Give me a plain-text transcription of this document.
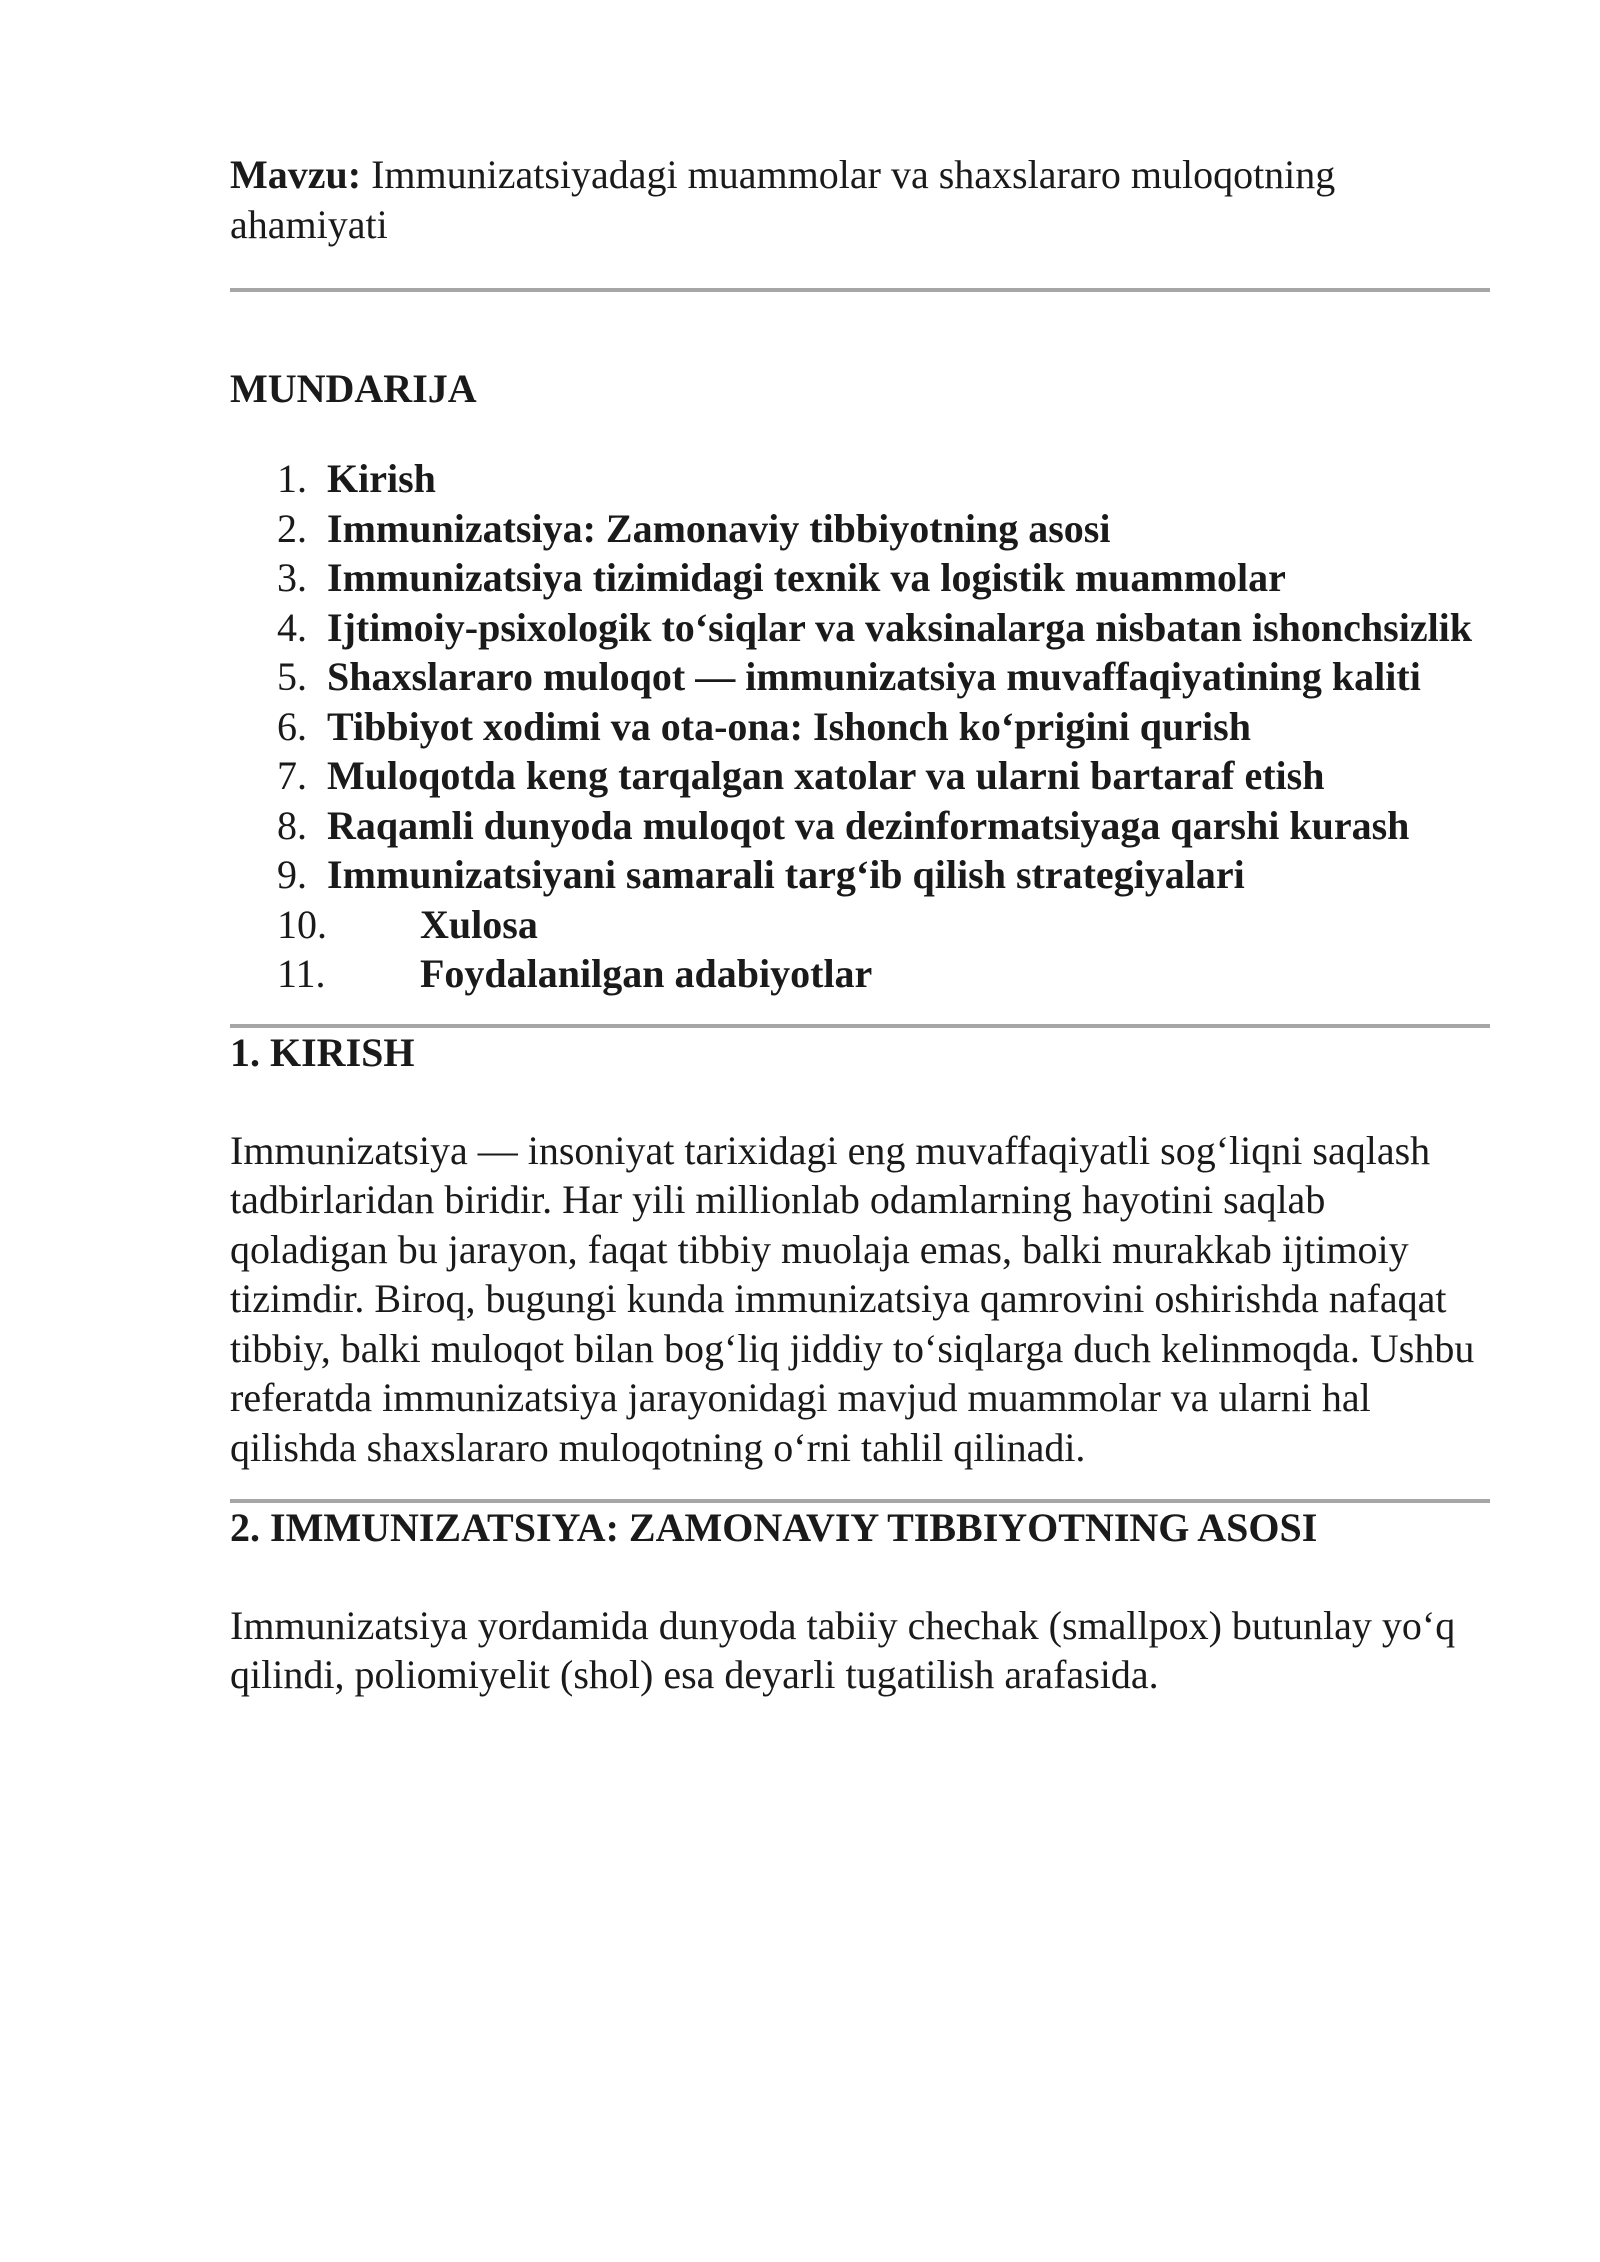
Mavzu: Immunizatsiyadagi muammolar va shaxslararo muloqotning ahamiyati

MUNDARIJA
1. Kirish
2. Immunizatsiya: Zamonaviy tibbiyotning asosi
3. Immunizatsiya tizimidagi texnik va logistik muammolar
4. Ijtimoiy-psixologik to‘siqlar va vaksinalarga nisbatan ishonchsizlik
5. Shaxslararo muloqot — immunizatsiya muvaffaqiyatining kaliti
6. Tibbiyot xodimi va ota-ona: Ishonch ko‘prigini qurish
7. Muloqotda keng tarqalgan xatolar va ularni bartaraf etish
8. Raqamli dunyoda muloqot va dezinformatsiyaga qarshi kurash
9. Immunizatsiyani samarali targ‘ib qilish strategiyalari
10. Xulosa
11. Foydalanilgan adabiyotlar
1. KIRISH

Immunizatsiya — insoniyat tarixidagi eng muvaffaqiyatli sog‘liqni saqlash tadbirlaridan biridir. Har yili millionlab odamlarning hayotini saqlab qoladigan bu jarayon, faqat tibbiy muolaja emas, balki murakkab ijtimoiy tizimdir. Biroq, bugungi kunda immunizatsiya qamrovini oshirishda nafaqat tibbiy, balki muloqot bilan bog‘liq jiddiy to‘siqlarga duch kelinmoqda. Ushbu referatda immunizatsiya jarayonidagi mavjud muammolar va ularni hal qilishda shaxslararo muloqotning o‘rni tahlil qilinadi.

2. IMMUNIZATSIYA: ZAMONAVIY TIBBIYOTNING ASOSI

Immunizatsiya yordamida dunyoda tabiiy chechak (smallpox) butunlay yo‘q qilindi, poliomiyelit (shol) esa deyarli tugatilish arafasida.
